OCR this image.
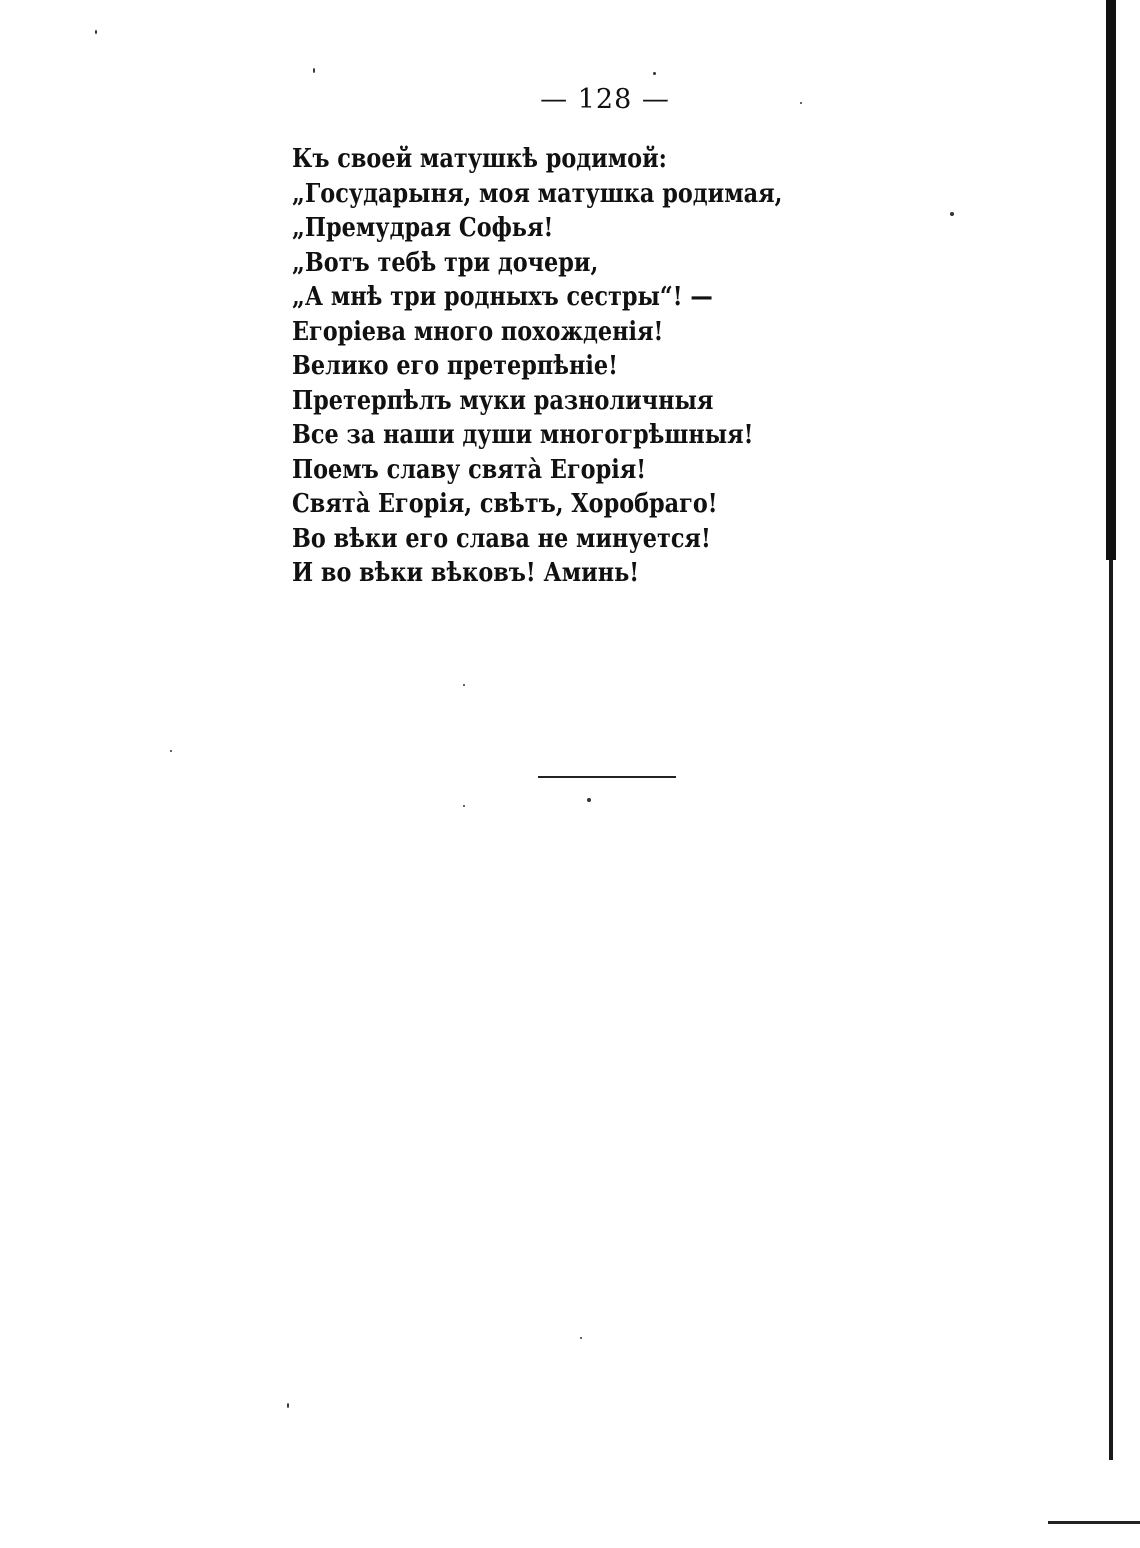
— 128 —
Къ своей матушкѣ родимой:
„Государыня, моя матушка родимая,
„Премудрая Софья!
„Вотъ тебѣ три дочери,
„А мнѣ три родныхъ сестры“! —
Егоріева много похожденія!
Велико его претерпѣніе!
Претерпѣлъ муки разноличныя
Все за наши души многогрѣшныя!
Поемъ славу свята̀ Егорія!
Свята̀ Егорія, свѣтъ, Хоробраго!
Во вѣки его слава не минуется!
И во вѣки вѣковъ! Аминь!
